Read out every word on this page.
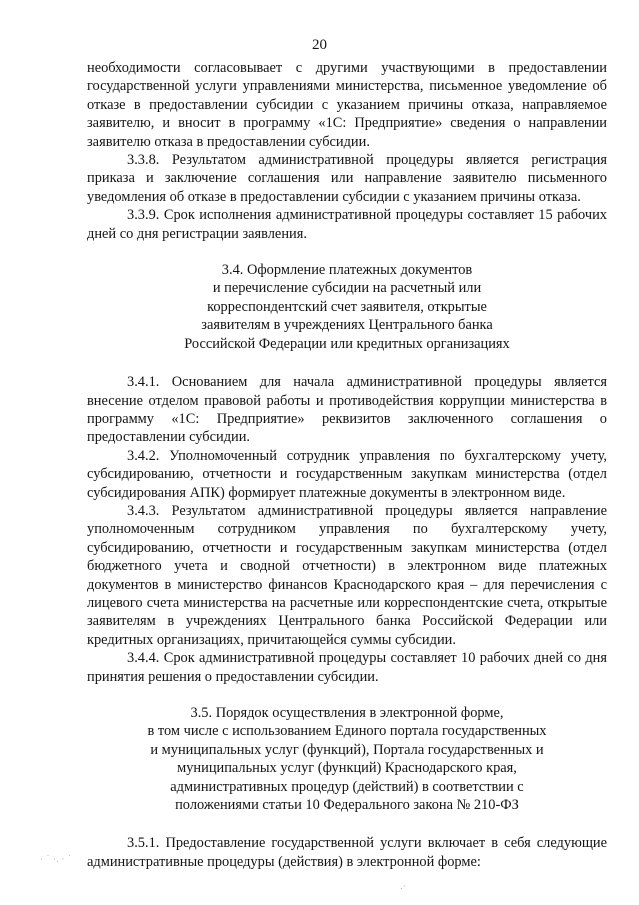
20

необходимости согласовывает с другими участвующими в предоставлении государственной услуги управлениями министерства, письменное уведомление об отказе в предоставлении субсидии с указанием причины отказа, направляемое заявителю, и вносит в программу «1С: Предприятие» сведения о направлении заявителю отказа в предоставлении субсидии.

3.3.8. Результатом административной процедуры является регистрация приказа и заключение соглашения или направление заявителю письменного уведомления об отказе в предоставлении субсидии с указанием причины отказа.

3.3.9. Срок исполнения административной процедуры составляет 15 рабочих дней со дня регистрации заявления.

3.4. Оформление платежных документов
и перечисление субсидии на расчетный или
корреспондентский счет заявителя, открытые
заявителям в учреждениях Центрального банка
Российской Федерации или кредитных организациях

3.4.1. Основанием для начала административной процедуры является внесение отделом правовой работы и противодействия коррупции министерства в программу «1С: Предприятие» реквизитов заключенного соглашения о предоставлении субсидии.

3.4.2. Уполномоченный сотрудник управления по бухгалтерскому учету, субсидированию, отчетности и государственным закупкам министерства (отдел субсидирования АПК) формирует платежные документы в электронном виде.

3.4.3. Результатом административной процедуры является направление уполномоченным сотрудником управления по бухгалтерскому учету, субсидированию, отчетности и государственным закупкам министерства (отдел бюджетного учета и сводной отчетности) в электронном виде платежных документов в министерство финансов Краснодарского края – для перечисления с лицевого счета министерства на расчетные или корреспондентские счета, открытые заявителям в учреждениях Центрального банка Российской Федерации или кредитных организациях, причитающейся суммы субсидии.

3.4.4. Срок административной процедуры составляет 10 рабочих дней со дня принятия решения о предоставлении субсидии.

3.5. Порядок осуществления в электронной форме,
в том числе с использованием Единого портала государственных
и муниципальных услуг (функций), Портала государственных и
муниципальных услуг (функций) Краснодарского края,
административных процедур (действий) в соответствии с
положениями статьи 10 Федерального закона № 210-ФЗ

3.5.1. Предоставление государственной услуги включает в себя следующие административные процедуры (действия) в электронной форме:

· ˙ ·. · ˙
.·
